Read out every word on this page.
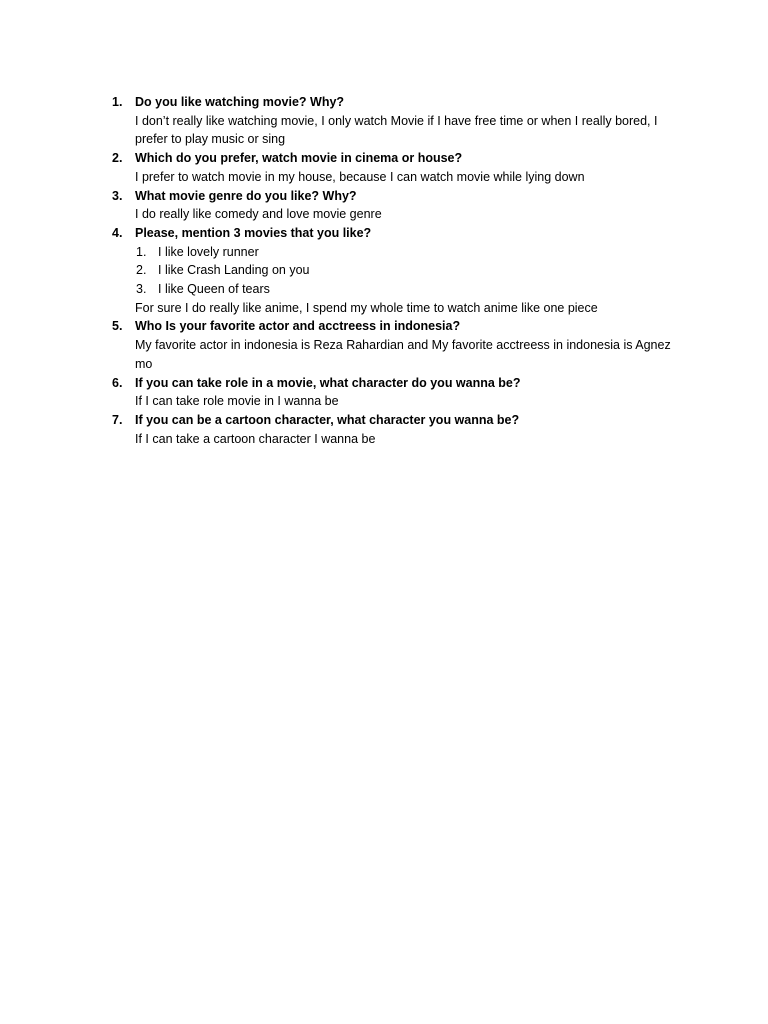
1. Do you like watching movie? Why?
I don’t really like watching movie, I only watch Movie if I have free time or when I really bored, I prefer to play music or sing
2. Which do you prefer, watch movie in cinema or house?
I prefer to watch movie in my house, because I can watch movie while lying down
3. What movie genre do you like? Why?
I do really like comedy and love movie genre
4. Please, mention 3 movies that you like?
1. I like lovely runner
2. I like Crash Landing on you
3. I like Queen of tears
For sure I do really like anime, I spend my whole time to watch anime like one piece
5. Who Is your favorite actor and acctreess in indonesia?
My favorite actor in indonesia is Reza Rahardian and My favorite acctreess in indonesia is Agnez mo
6. If you can take role in a movie, what character do you wanna be?
If I can take role movie in I wanna be
7. If you can be a cartoon character, what character you wanna be?
If I can take a cartoon character I wanna be
